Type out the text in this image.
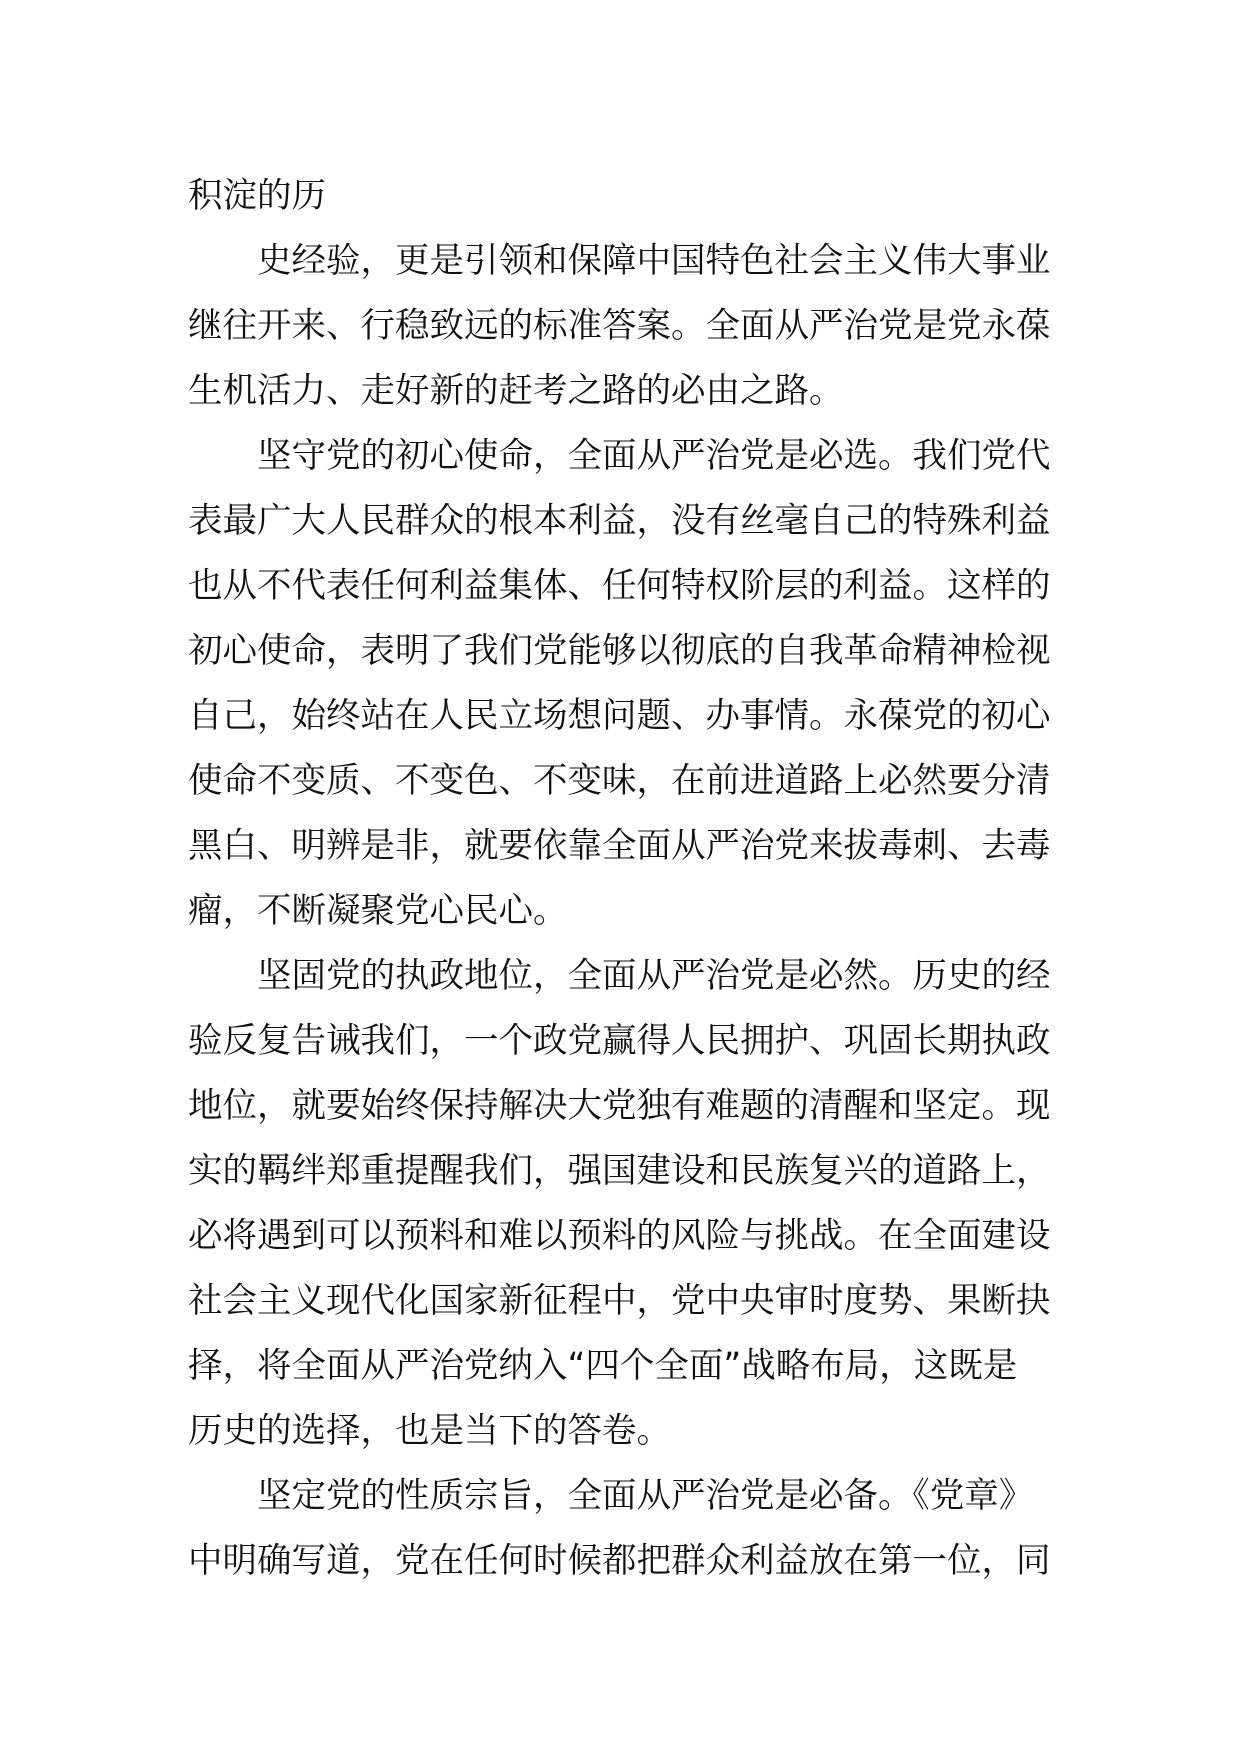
积淀的历
史经验，更是引领和保障中国特色社会主义伟大事业
继往开来、行稳致远的标准答案。全面从严治党是党永葆
生机活力、走好新的赶考之路的必由之路。
坚守党的初心使命，全面从严治党是必选。我们党代
表最广大人民群众的根本利益，没有丝毫自己的特殊利益
也从不代表任何利益集体、任何特权阶层的利益。这样的
初心使命，表明了我们党能够以彻底的自我革命精神检视
自己，始终站在人民立场想问题、办事情。永葆党的初心
使命不变质、不变色、不变味，在前进道路上必然要分清
黑白、明辨是非，就要依靠全面从严治党来拔毒刺、去毒
瘤，不断凝聚党心民心。
坚固党的执政地位，全面从严治党是必然。历史的经
验反复告诫我们，一个政党赢得人民拥护、巩固长期执政
地位，就要始终保持解决大党独有难题的清醒和坚定。现
实的羁绊郑重提醒我们，强国建设和民族复兴的道路上，
必将遇到可以预料和难以预料的风险与挑战。在全面建设
社会主义现代化国家新征程中，党中央审时度势、果断抉
择，将全面从严治党纳入“四个全面”战略布局，这既是
历史的选择，也是当下的答卷。
坚定党的性质宗旨，全面从严治党是必备。《党章》
中明确写道，党在任何时候都把群众利益放在第一位，同
